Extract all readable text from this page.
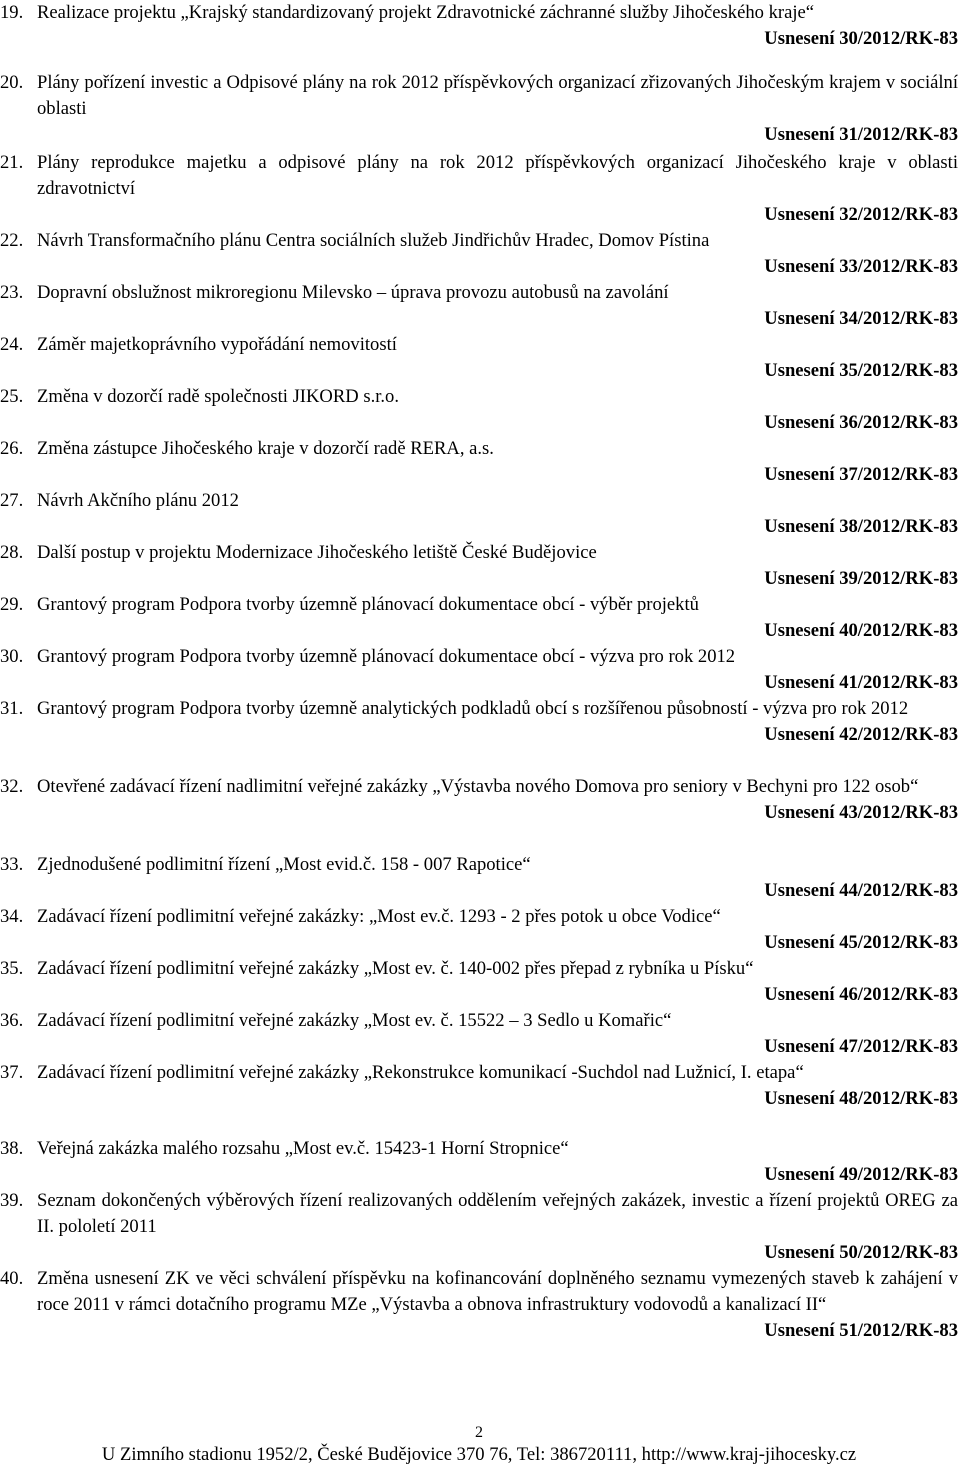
19. Realizace projektu „Krajský standardizovaný projekt Zdravotnické záchranné služby Jihočeského kraje“
Usnesení 30/2012/RK-83
20. Plány pořízení investic a Odpisové plány na rok 2012 příspěvkových organizací zřizovaných Jihočeským krajem v sociální oblasti
Usnesení 31/2012/RK-83
21. Plány reprodukce majetku a odpisové plány na rok 2012 příspěvkových organizací Jihočeského kraje v oblasti zdravotnictví
Usnesení 32/2012/RK-83
22. Návrh Transformačního plánu Centra sociálních služeb Jindřichův Hradec, Domov Pístina
Usnesení 33/2012/RK-83
23. Dopravní obslužnost mikroregionu Milevsko – úprava provozu autobusů na zavolání
Usnesení 34/2012/RK-83
24. Záměr majetkoprávního vypořádání nemovitostí
Usnesení 35/2012/RK-83
25. Změna v dozorčí radě společnosti JIKORD s.r.o.
Usnesení 36/2012/RK-83
26. Změna zástupce Jihočeského kraje v dozorčí radě RERA, a.s.
Usnesení 37/2012/RK-83
27. Návrh Akčního plánu 2012
Usnesení 38/2012/RK-83
28. Další postup v projektu Modernizace Jihočeského letiště České Budějovice
Usnesení 39/2012/RK-83
29. Grantový program Podpora tvorby územně plánovací dokumentace obcí - výběr projektů
Usnesení 40/2012/RK-83
30. Grantový program Podpora tvorby územně plánovací dokumentace obcí - výzva pro rok 2012
Usnesení 41/2012/RK-83
31. Grantový program Podpora tvorby územně analytických podkladů obcí s rozšířenou působností - výzva pro rok 2012
Usnesení 42/2012/RK-83
32. Otevřené zadávací řízení nadlimitní veřejné zakázky „Výstavba nového Domova pro seniory v Bechyni pro 122 osob“
Usnesení 43/2012/RK-83
33. Zjednodušené podlimitní řízení „Most evid.č. 158 - 007 Rapotice“
Usnesení 44/2012/RK-83
34. Zadávací řízení podlimitní veřejné zakázky: „Most ev.č. 1293 - 2 přes potok u obce Vodice“
Usnesení 45/2012/RK-83
35. Zadávací řízení podlimitní veřejné zakázky „Most ev. č. 140-002 přes přepad z rybníka u Písku“
Usnesení 46/2012/RK-83
36. Zadávací řízení podlimitní veřejné zakázky „Most ev. č. 15522 – 3 Sedlo u Komařic“
Usnesení 47/2012/RK-83
37. Zadávací řízení podlimitní veřejné zakázky „Rekonstrukce komunikací -Suchdol nad Lužnicí, I. etapa“
Usnesení 48/2012/RK-83
38. Veřejná zakázka malého rozsahu „Most ev.č. 15423-1 Horní Stropnice“
Usnesení 49/2012/RK-83
39. Seznam dokončených výběrových řízení realizovaných oddělením veřejných zakázek, investic a řízení projektů OREG za II. pololetí 2011
Usnesení 50/2012/RK-83
40. Změna usnesení ZK ve věci schválení příspěvku na kofinancování doplněného seznamu vymezených staveb k zahájení v roce 2011 v rámci dotačního programu MZe „Výstavba a obnova infrastruktury vodovodů a kanalizací II“
Usnesení 51/2012/RK-83
2
U Zimního stadionu 1952/2, České Budějovice 370 76, Tel: 386720111, http://www.kraj-jihocesky.cz
